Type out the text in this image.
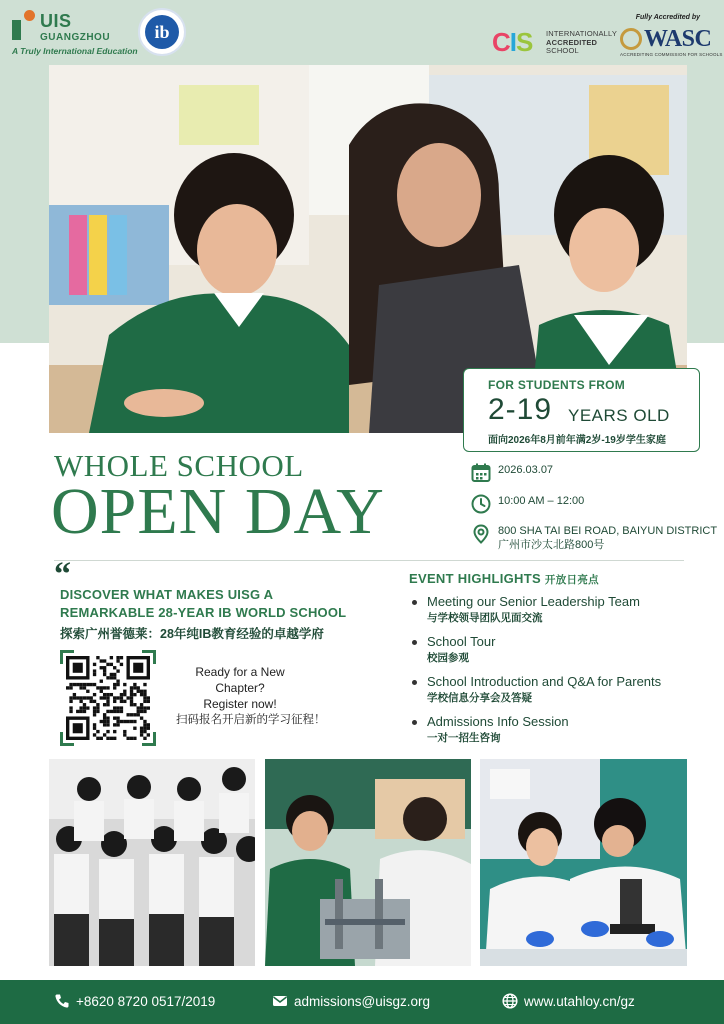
UIS
GUANGZHOU
A Truly International Education
ib	CIS INTERNATIONALLY
ACCREDITED
SCHOOL
Fully Accredited by
WASC
ACCREDITING COMMISSION FOR SCHOOLS
FOR STUDENTS FROM
2-19 YEARS OLD
面向2026年8月前年满2岁-19岁学生家庭
WHOLE SCHOOL
OPEN DAY
2026.03.07
10:00 AM – 12:00
800 SHA TAI BEI ROAD, BAIYUN DISTRICT
广州市沙太北路800号
“
DISCOVER WHAT MAKES UISG A
REMARKABLE 28-YEAR IB WORLD SCHOOL
探索广州誉德莱：28年纯IB教育经验的卓越学府
Ready for a New
Chapter?
Register now!
扫码报名开启新的学习征程！
EVENT HIGHLIGHTS 开放日亮点
Meeting our Senior Leadership Team
与学校领导团队见面交流
School Tour
校园参观
School Introduction and Q&A for Parents
学校信息分享会及答疑
Admissions Info Session
一对一招生咨询
+8620 8720 0517/2019	admissions@uisgz.org	www.utahloy.cn/gz
